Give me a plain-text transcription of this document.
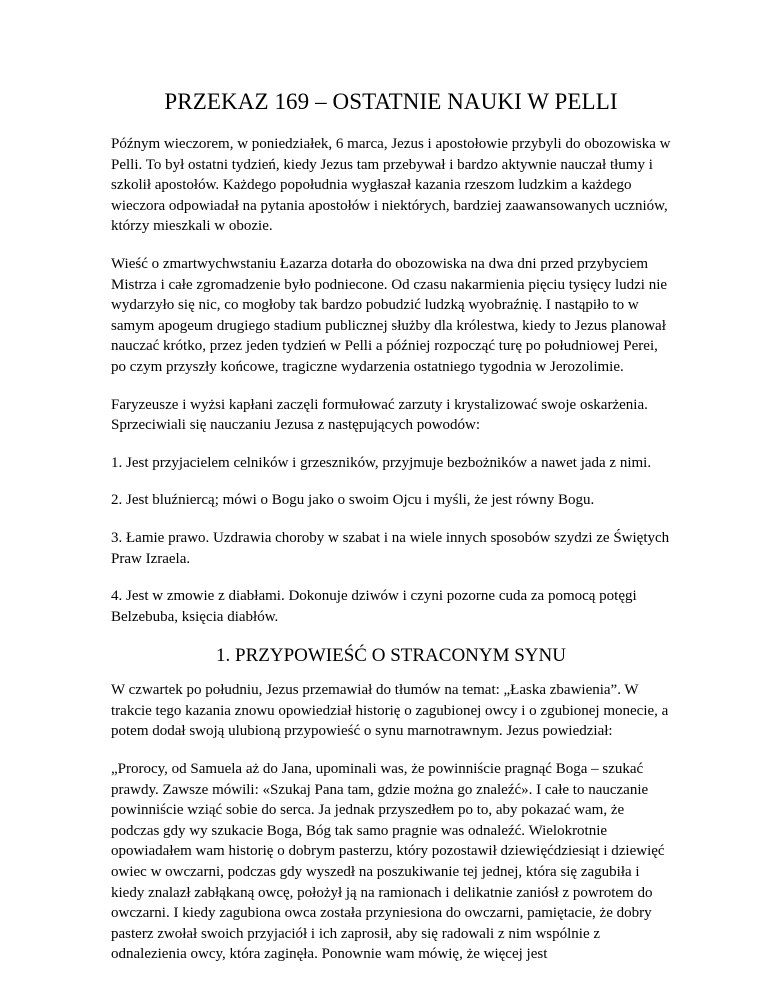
PRZEKAZ 169 – OSTATNIE NAUKI W PELLI

Późnym wieczorem, w poniedziałek, 6 marca, Jezus i apostołowie przybyli do obozowiska w Pelli. To był ostatni tydzień, kiedy Jezus tam przebywał i bardzo aktywnie nauczał tłumy i szkolił apostołów. Każdego popołudnia wygłaszał kazania rzeszom ludzkim a każdego wieczora odpowiadał na pytania apostołów i niektórych, bardziej zaawansowanych uczniów, którzy mieszkali w obozie.

Wieść o zmartwychwstaniu Łazarza dotarła do obozowiska na dwa dni przed przybyciem Mistrza i całe zgromadzenie było podniecone. Od czasu nakarmienia pięciu tysięcy ludzi nie wydarzyło się nic, co mogłoby tak bardzo pobudzić ludzką wyobraźnię. I nastąpiło to w samym apogeum drugiego stadium publicznej służby dla królestwa, kiedy to Jezus planował nauczać krótko, przez jeden tydzień w Pelli a później rozpocząć turę po południowej Perei, po czym przyszły końcowe, tragiczne wydarzenia ostatniego tygodnia w Jerozolimie.

Faryzeusze i wyżsi kapłani zaczęli formułować zarzuty i krystalizować swoje oskarżenia. Sprzeciwiali się nauczaniu Jezusa z następujących powodów:

1. Jest przyjacielem celników i grzeszników, przyjmuje bezbożników a nawet jada z nimi.

2. Jest bluźniercą; mówi o Bogu jako o swoim Ojcu i myśli, że jest równy Bogu.

3. Łamie prawo. Uzdrawia choroby w szabat i na wiele innych sposobów szydzi ze Świętych Praw Izraela.

4. Jest w zmowie z diabłami. Dokonuje dziwów i czyni pozorne cuda za pomocą potęgi Belzebuba, księcia diabłów.

1. PRZYPOWIEŚĆ O STRACONYM SYNU

W czwartek po południu, Jezus przemawiał do tłumów na temat: „Łaska zbawienia”. W trakcie tego kazania znowu opowiedział historię o zagubionej owcy i o zgubionej monecie, a potem dodał swoją ulubioną przypowieść o synu marnotrawnym. Jezus powiedział:

„Prorocy, od Samuela aż do Jana, upominali was, że powinniście pragnąć Boga – szukać prawdy. Zawsze mówili: «Szukaj Pana tam, gdzie można go znaleźć». I całe to nauczanie powinniście wziąć sobie do serca. Ja jednak przyszedłem po to, aby pokazać wam, że podczas gdy wy szukacie Boga, Bóg tak samo pragnie was odnaleźć. Wielokrotnie opowiadałem wam historię o dobrym pasterzu, który pozostawił dziewięćdziesiąt i dziewięć owiec w owczarni, podczas gdy wyszedł na poszukiwanie tej jednej, która się zagubiła i kiedy znalazł zabłąkaną owcę, położył ją na ramionach i delikatnie zaniósł z powrotem do owczarni. I kiedy zagubiona owca została przyniesiona do owczarni, pamiętacie, że dobry pasterz zwołał swoich przyjaciół i ich zaprosił, aby się radowali z nim wspólnie z odnalezienia owcy, która zaginęła. Ponownie wam mówię, że więcej jest
